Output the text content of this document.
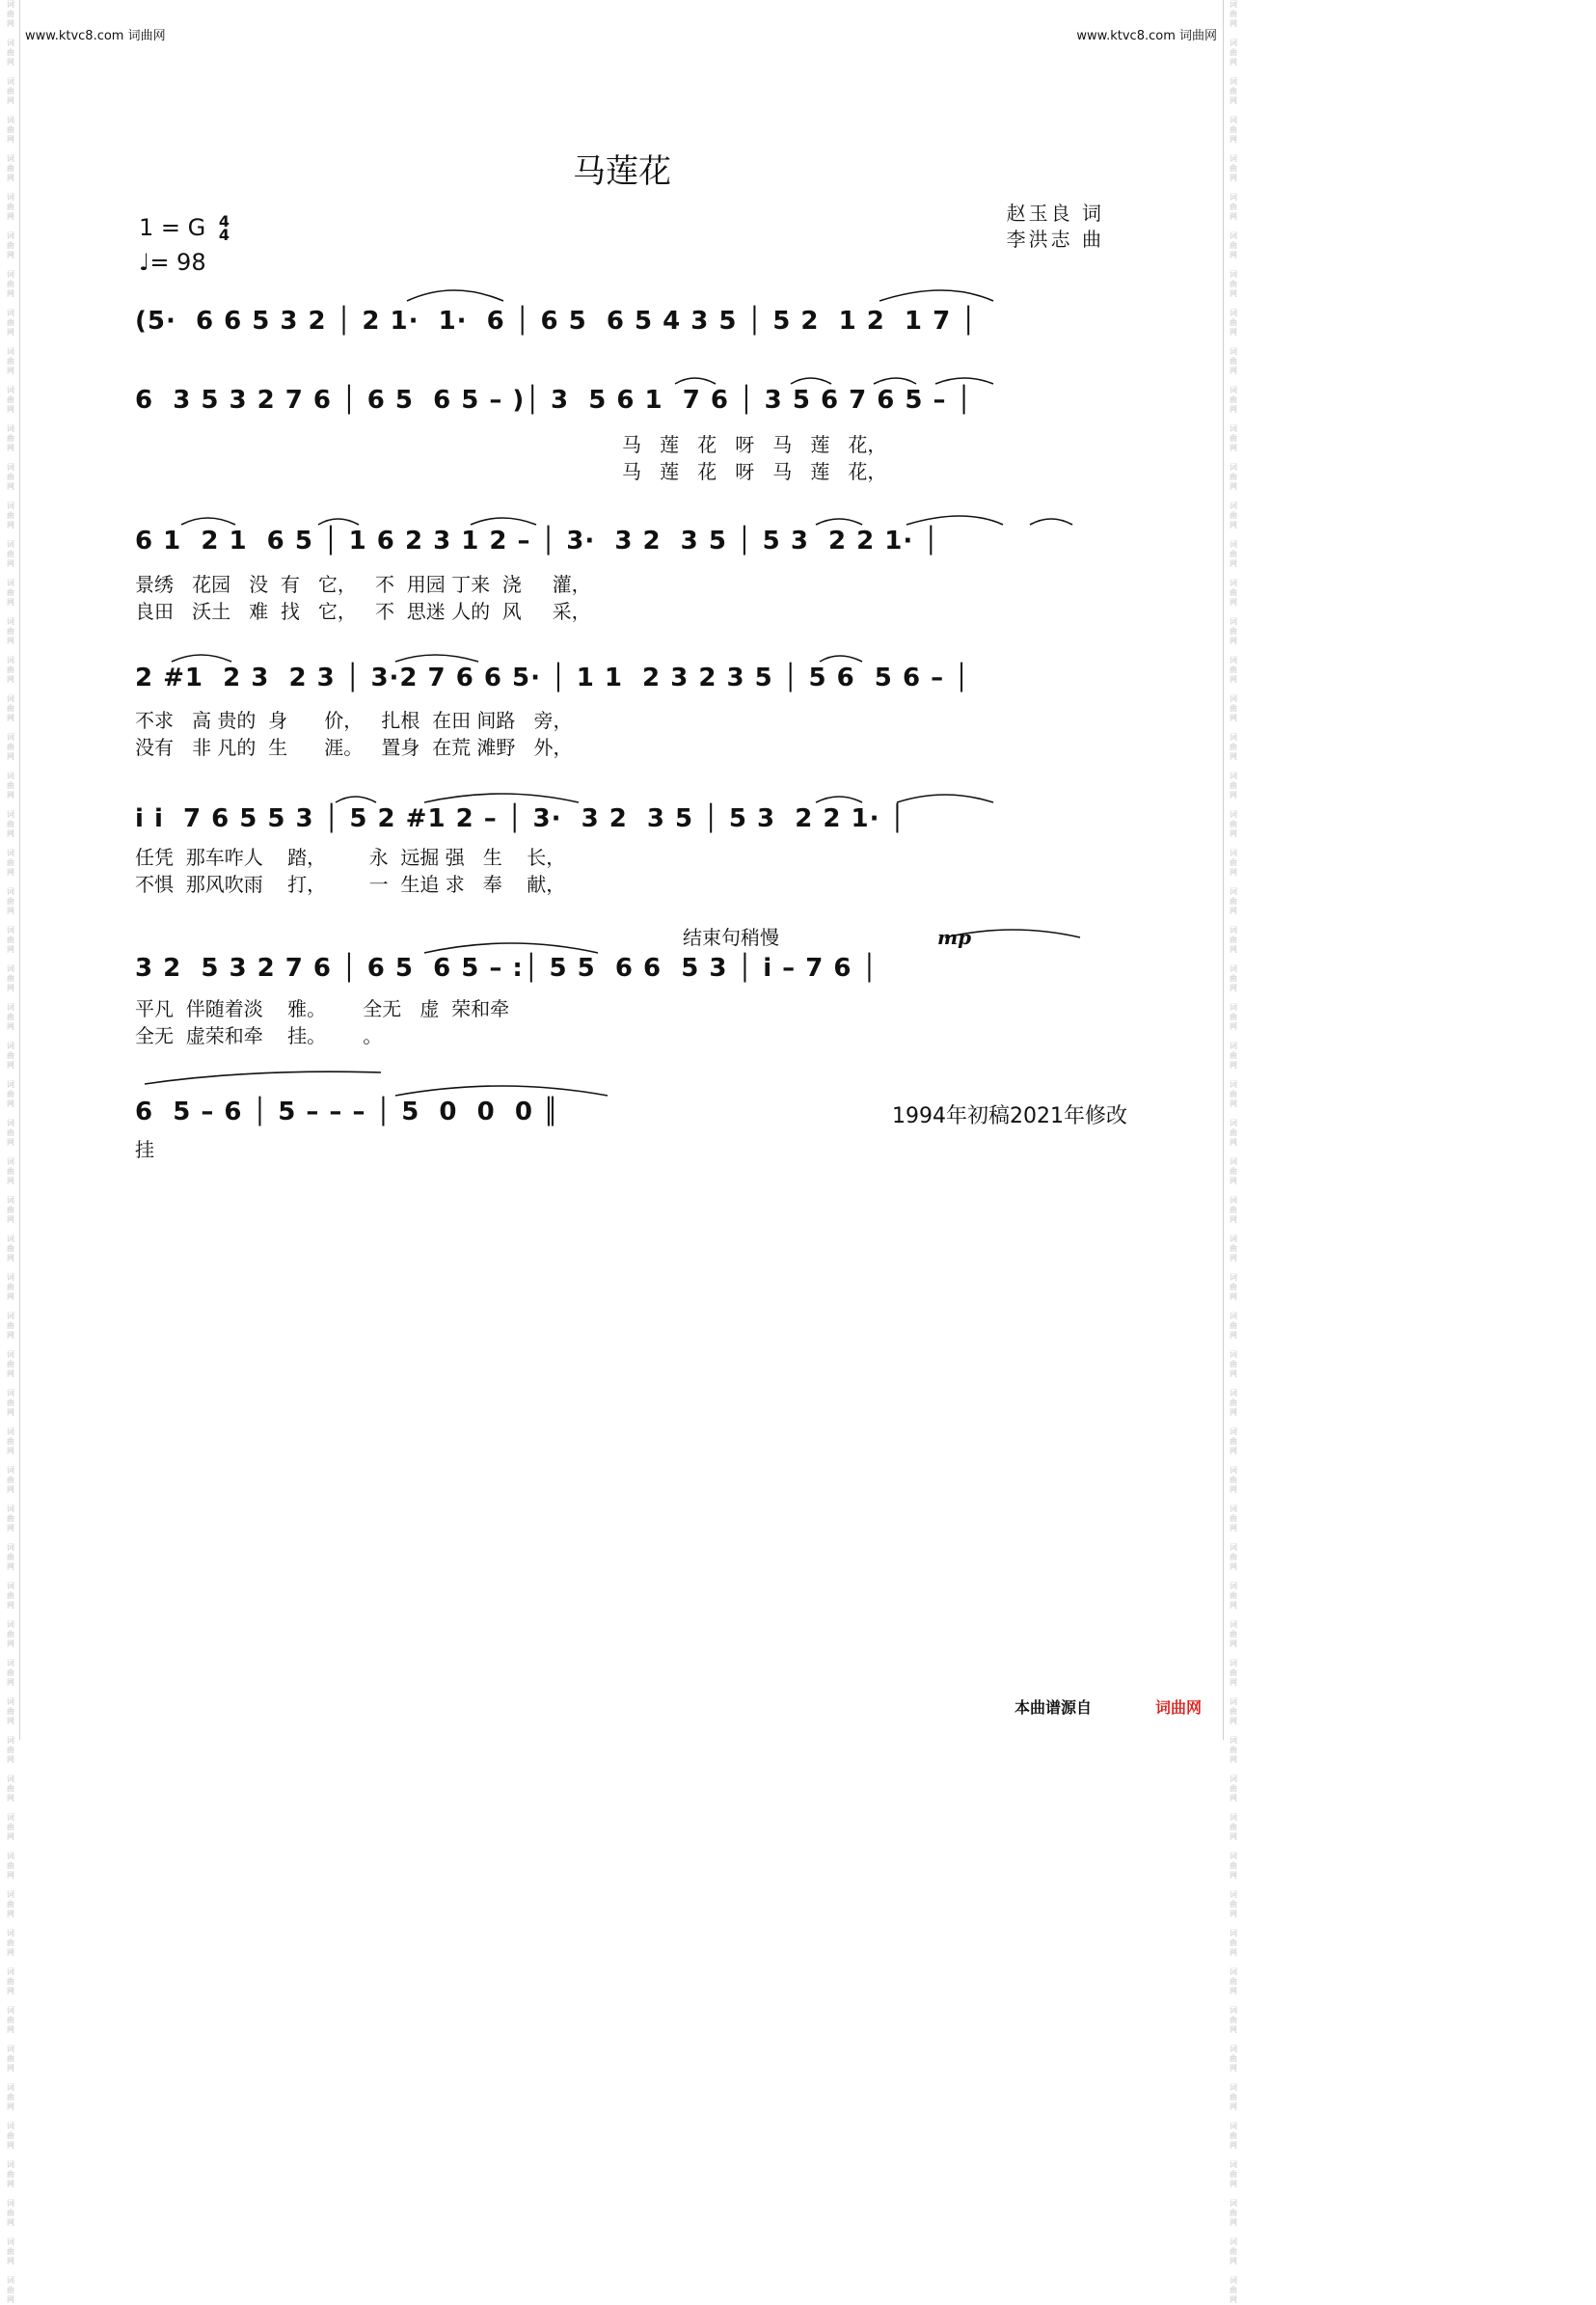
词
曲
网

词
曲
网

词
曲
网

词
曲
网

词
曲
网

词
曲
网

词
曲
网

词
曲
网

词
曲
网

词
曲
网

词
曲
网

词
曲
网

词
曲
网

词
曲
网

词
曲
网

词
曲
网

词
曲
网

词
曲
网

词
曲
网

词
曲
网

词
曲
网

词
曲
网

词
曲
网

词
曲
网

词
曲
网

词
曲
网

词
曲
网

词
曲
网

词
曲
网

词
曲
网

词
曲
网

词
曲
网

词
曲
网

词
曲
网

词
曲
网

词
曲
网

词
曲
网

词
曲
网

词
曲
网

词
曲
网

词
曲
网

词
曲
网

词
曲
网

词
曲
网

词
曲
网

词
曲
网

词
曲
网

词
曲
网

词
曲
网

词
曲
网

词
曲
网

词
曲
网

词
曲
网

词
曲
网

词
曲
网

词
曲
网

词
曲
网

词
曲
网

词
曲
网

词
曲
网

词
曲
网

词
曲
网

词
曲
网

词
曲
网

词
曲
网

词
曲
网

词
曲
网

词
曲
网

词
曲
网

词
曲
网

词
曲
网

词
曲
网

词
曲
网

词
曲
网

词
曲
网

词
曲
网

词
曲
网

词
曲
网

词
曲
网

词
曲
网

词
曲
网

词
曲
网

词
曲
网

词
曲
网

词
曲
网

词
曲
网

词
曲
网

词
曲
网

词
曲
网

词
曲
网

词
曲
网

词
曲
网

词
曲
网

词
曲
网

词
曲
网

词
曲
网

词
曲
网

词
曲
网

词
曲
网

词
曲
网

词
曲
网

词
曲
网

词
曲
网

词
曲
网

词
曲
网

词
曲
网

词
曲
网

词
曲
网

词
曲
网

词
曲
网

词
曲
网

词
曲
网

词
曲
网

词
曲
网

词
曲
网

词
曲
网

词
曲
网

词
曲
网

词
曲
网

词
曲
网

www.ktvc8.com 词曲网	www.ktvc8.com 词曲网
马莲花
赵玉良 词
李洪志 曲
1 = G 4
4
♩= 98
(5·  6 6 5 3 2 │ 2 1·  1·  6 │ 6 5  6 5 4 3 5 │ 5 2  1 2  1 7 │
6  3 5 3 2 7 6 │ 6 5  6 5 – )│ 3  5 6 1  7 6 │ 3 5 6 7 6 5 – │
马   莲   花   呀   马   莲   花，
马   莲   花   呀   马   莲   花，
6 1  2 1  6 5 │ 1 6 2 3 1 2 – │ 3·  3 2  3 5 │ 5 3  2 2 1· │
景绣   花园   没  有   它，   不  用园 丁来  浇     灌，
良田   沃土   难  找   它，   不  思迷 人的  风     采，
2 #1  2 3  2 3 │ 3·2 7 6 6 5· │ 1 1  2 3 2 3 5 │ 5 6  5 6 – │
不求   高 贵的  身      价，   扎根  在田 间路   旁，
没有   非 凡的  生      涯。   置身  在荒 滩野   外，
i i  7 6 5 5 3 │ 5 2 #1 2 – │ 3·  3 2  3 5 │ 5 3  2 2 1· │
任凭  那车咋人    踏，       永  远掘 强   生    长，
不惧  那风吹雨    打，       一  生追 求   奉    献，
结束句稍慢	mp
3 2  5 3 2 7 6 │ 6 5  6 5 – :│ 5 5  6 6  5 3 │ i – 7 6 │
平凡  伴随着淡    雅。      全无   虚  荣和牵
全无  虚荣和牵    挂。      。
6  5 – 6 │ 5 – – – │ 5  0  0  0 ║	1994年初稿2021年修改
挂
本曲谱源自	词曲网
